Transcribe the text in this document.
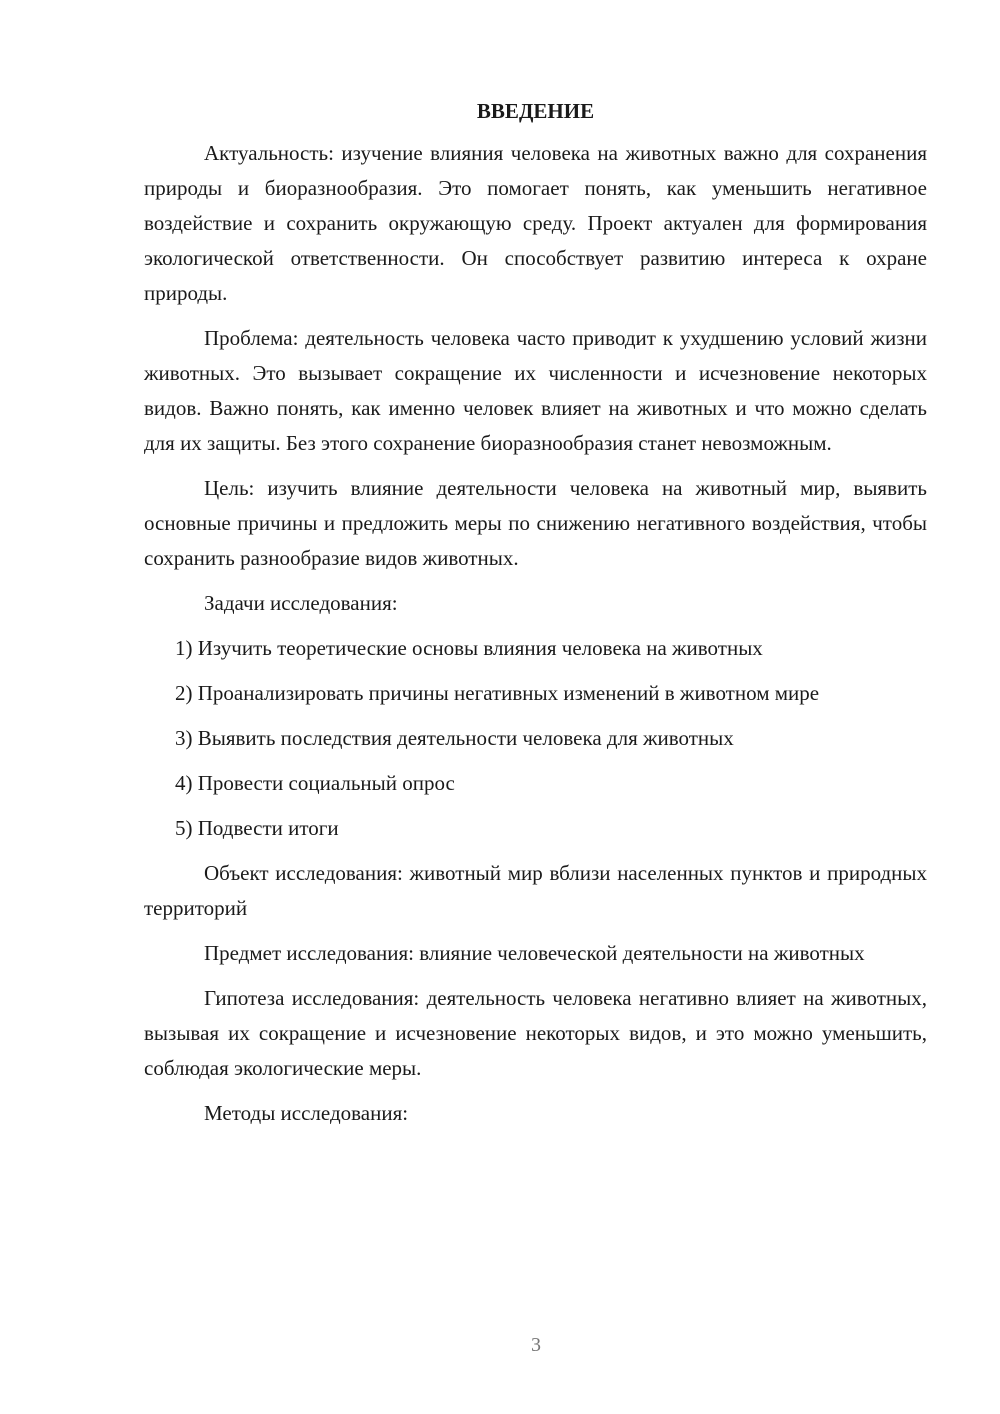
ВВЕДЕНИЕ

Актуальность: изучение влияния человека на животных важно для сохранения природы и биоразнообразия. Это помогает понять, как уменьшить негативное воздействие и сохранить окружающую среду. Проект актуален для формирования экологической ответственности. Он способствует развитию интереса к охране природы.

Проблема: деятельность человека часто приводит к ухудшению условий жизни животных. Это вызывает сокращение их численности и исчезновение некоторых видов. Важно понять, как именно человек влияет на животных и что можно сделать для их защиты. Без этого сохранение биоразнообразия станет невозможным.

Цель: изучить влияние деятельности человека на животный мир, выявить основные причины и предложить меры по снижению негативного воздействия, чтобы сохранить разнообразие видов животных.

Задачи исследования:

1) Изучить теоретические основы влияния человека на животных

2) Проанализировать причины негативных изменений в животном мире

3) Выявить последствия деятельности человека для животных

4) Провести социальный опрос

5) Подвести итоги

Объект исследования: животный мир вблизи населенных пунктов и природных территорий

Предмет исследования: влияние человеческой деятельности на животных

Гипотеза исследования: деятельность человека негативно влияет на животных, вызывая их сокращение и исчезновение некоторых видов, и это можно уменьшить, соблюдая экологические меры.

Методы исследования:

3
